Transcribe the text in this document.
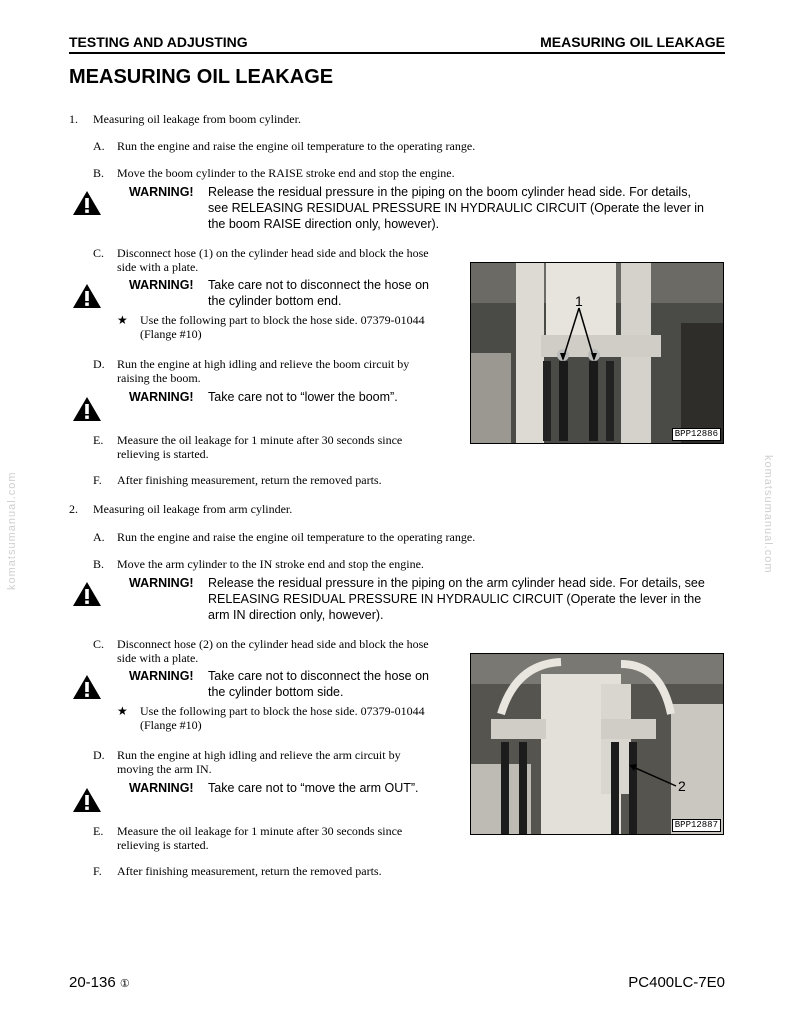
TESTING AND ADJUSTING	MEASURING OIL LEAKAGE
MEASURING OIL LEAKAGE
komatsumanual.com	komatsumanual.com
1. Measuring oil leakage from boom cylinder.
A. Run the engine and raise the engine oil temperature to the operating range.
B. Move the boom cylinder to the RAISE stroke end and stop the engine.
WARNING! Release the residual pressure in the piping on the boom cylinder head side. For details,
see RELEASING RESIDUAL PRESSURE IN HYDRAULIC CIRCUIT (Operate the lever in
the boom RAISE direction only, however).
C. Disconnect hose (1) on the cylinder head side and block the hose
side with a plate.
WARNING! Take care not to disconnect the hose on
the cylinder bottom end.
★ Use the following part to block the hose side. 07379-01044
(Flange #10)
D. Run the engine at high idling and relieve the boom circuit by
raising the boom.
WARNING! Take care not to “lower the boom”.
E. Measure the oil leakage for 1 minute after 30 seconds since
relieving is started.
F. After finishing measurement, return the removed parts.
1
BPP12886
2. Measuring oil leakage from arm cylinder.
A. Run the engine and raise the engine oil temperature to the operating range.
B. Move the arm cylinder to the IN stroke end and stop the engine.
WARNING! Release the residual pressure in the piping on the arm cylinder head side. For details, see
RELEASING RESIDUAL PRESSURE IN HYDRAULIC CIRCUIT (Operate the lever in the
arm IN direction only, however).
C. Disconnect hose (2) on the cylinder head side and block the hose
side with a plate.
WARNING! Take care not to disconnect the hose on
the cylinder bottom side.
★ Use the following part to block the hose side. 07379-01044
(Flange #10)
D. Run the engine at high idling and relieve the arm circuit by
moving the arm IN.
WARNING! Take care not to “move the arm OUT”.
E. Measure the oil leakage for 1 minute after 30 seconds since
relieving is started.
F. After finishing measurement, return the removed parts.
2
BPP12887
20-136 ①	PC400LC-7E0
